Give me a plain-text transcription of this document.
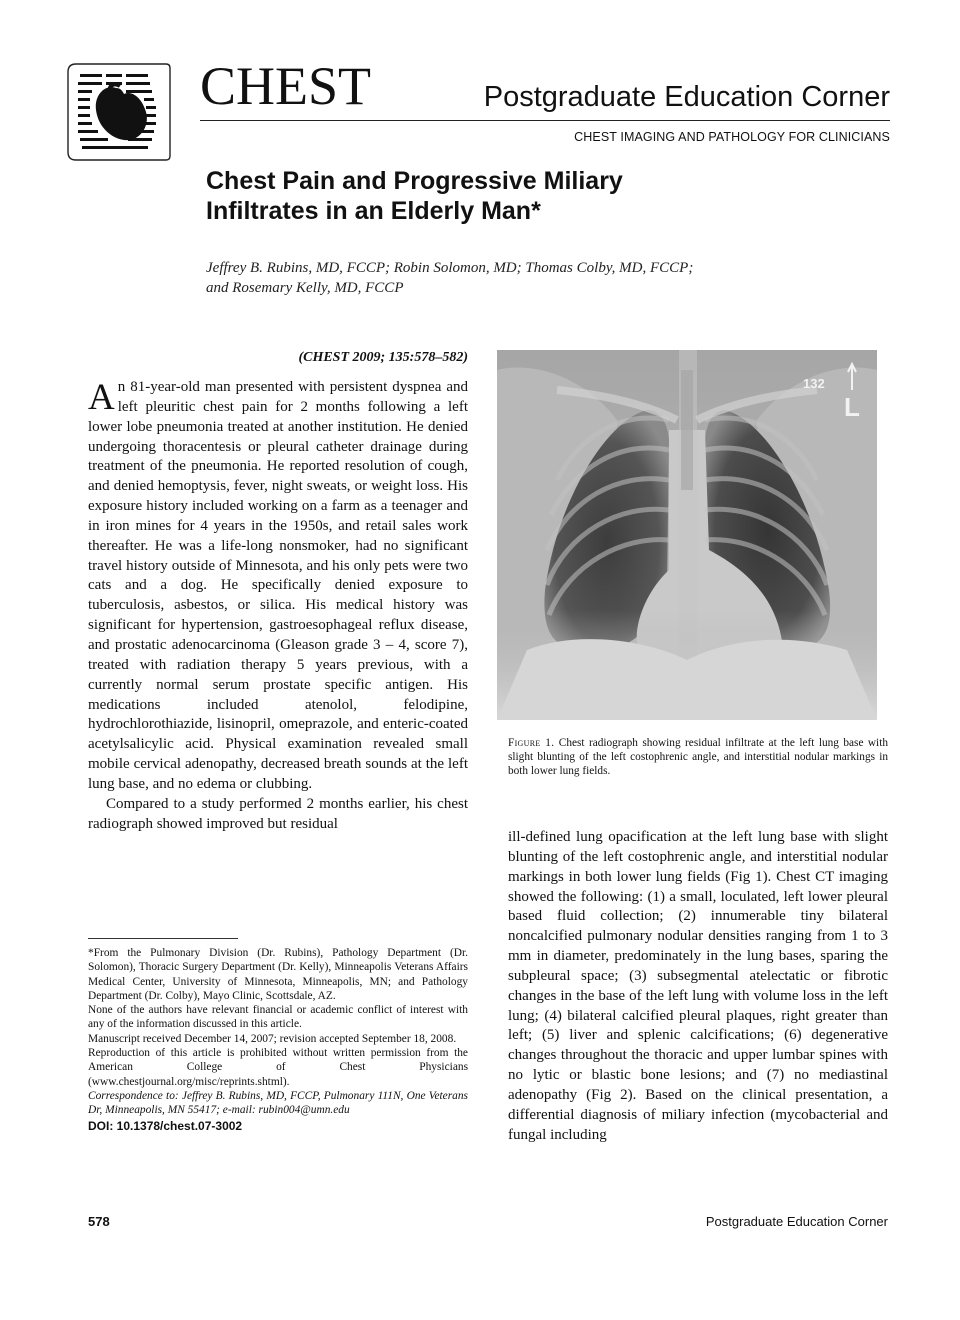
CHEST	Postgraduate Education Corner
CHEST IMAGING AND PATHOLOGY FOR CLINICIANS
Chest Pain and Progressive Miliary
Infiltrates in an Elderly Man*
Jeffrey B. Rubins, MD, FCCP; Robin Solomon, MD; Thomas Colby, MD, FCCP;
and Rosemary Kelly, MD, FCCP
(CHEST 2009; 135:578–582)

An 81-year-old man presented with persistent dyspnea and left pleuritic chest pain for 2 months following a left lower lobe pneumonia treated at another institution. He denied undergoing thoracentesis or pleural catheter drainage during treatment of the pneumonia. He reported resolution of cough, and denied hemoptysis, fever, night sweats, or weight loss. His exposure history included working on a farm as a teenager and in iron mines for 4 years in the 1950s, and retail sales work thereafter. He was a life-long nonsmoker, had no significant travel history outside of Minnesota, and his only pets were two cats and a dog. He specifically denied exposure to tuberculosis, asbestos, or silica. His medical history was significant for hypertension, gastroesophageal reflux disease, and prostatic adenocarcinoma (Gleason grade 3 – 4, score 7), treated with radiation therapy 5 years previous, with a currently normal serum prostate specific antigen. His medications included atenolol, felodipine, hydrochlorothiazide, lisinopril, omeprazole, and enteric-coated acetylsalicylic acid. Physical examination revealed small mobile cervical adenopathy, decreased breath sounds at the left lung base, and no edema or clubbing.

Compared to a study performed 2 months earlier, his chest radiograph showed improved but residual

*From the Pulmonary Division (Dr. Rubins), Pathology Department (Dr. Solomon), Thoracic Surgery Department (Dr. Kelly), Minneapolis Veterans Affairs Medical Center, University of Minnesota, Minneapolis, MN; and Pathology Department (Dr. Colby), Mayo Clinic, Scottsdale, AZ.

None of the authors have relevant financial or academic conflict of interest with any of the information discussed in this article.

Manuscript received December 14, 2007; revision accepted September 18, 2008.

Reproduction of this article is prohibited without written permission from the American College of Chest Physicians (www.chestjournal.org/misc/reprints.shtml).

Correspondence to: Jeffrey B. Rubins, MD, FCCP, Pulmonary 111N, One Veterans Dr, Minneapolis, MN 55417; e-mail: rubin004@umn.edu

DOI: 10.1378/chest.07-3002
132
L
Figure 1. Chest radiograph showing residual infiltrate at the left lung base with slight blunting of the left costophrenic angle, and interstitial nodular markings in both lower lung fields.

ill-defined lung opacification at the left lung base with slight blunting of the left costophrenic angle, and interstitial nodular markings in both lower lung fields (Fig 1). Chest CT imaging showed the following: (1) a small, loculated, left lower pleural based fluid collection; (2) innumerable tiny bilateral noncalcified pulmonary nodular densities ranging from 1 to 3 mm in diameter, predominately in the lung bases, sparing the subpleural space; (3) subsegmental atelectatic or fibrotic changes in the base of the left lung with volume loss in the left lung; (4) bilateral calcified pleural plaques, right greater than left; (5) liver and splenic calcifications; (6) degenerative changes throughout the thoracic and upper lumbar spines with no lytic or blastic bone lesions; and (7) no mediastinal adenopathy (Fig 2). Based on the clinical presentation, a differential diagnosis of miliary infection (mycobacterial and fungal including

578	Postgraduate Education Corner
